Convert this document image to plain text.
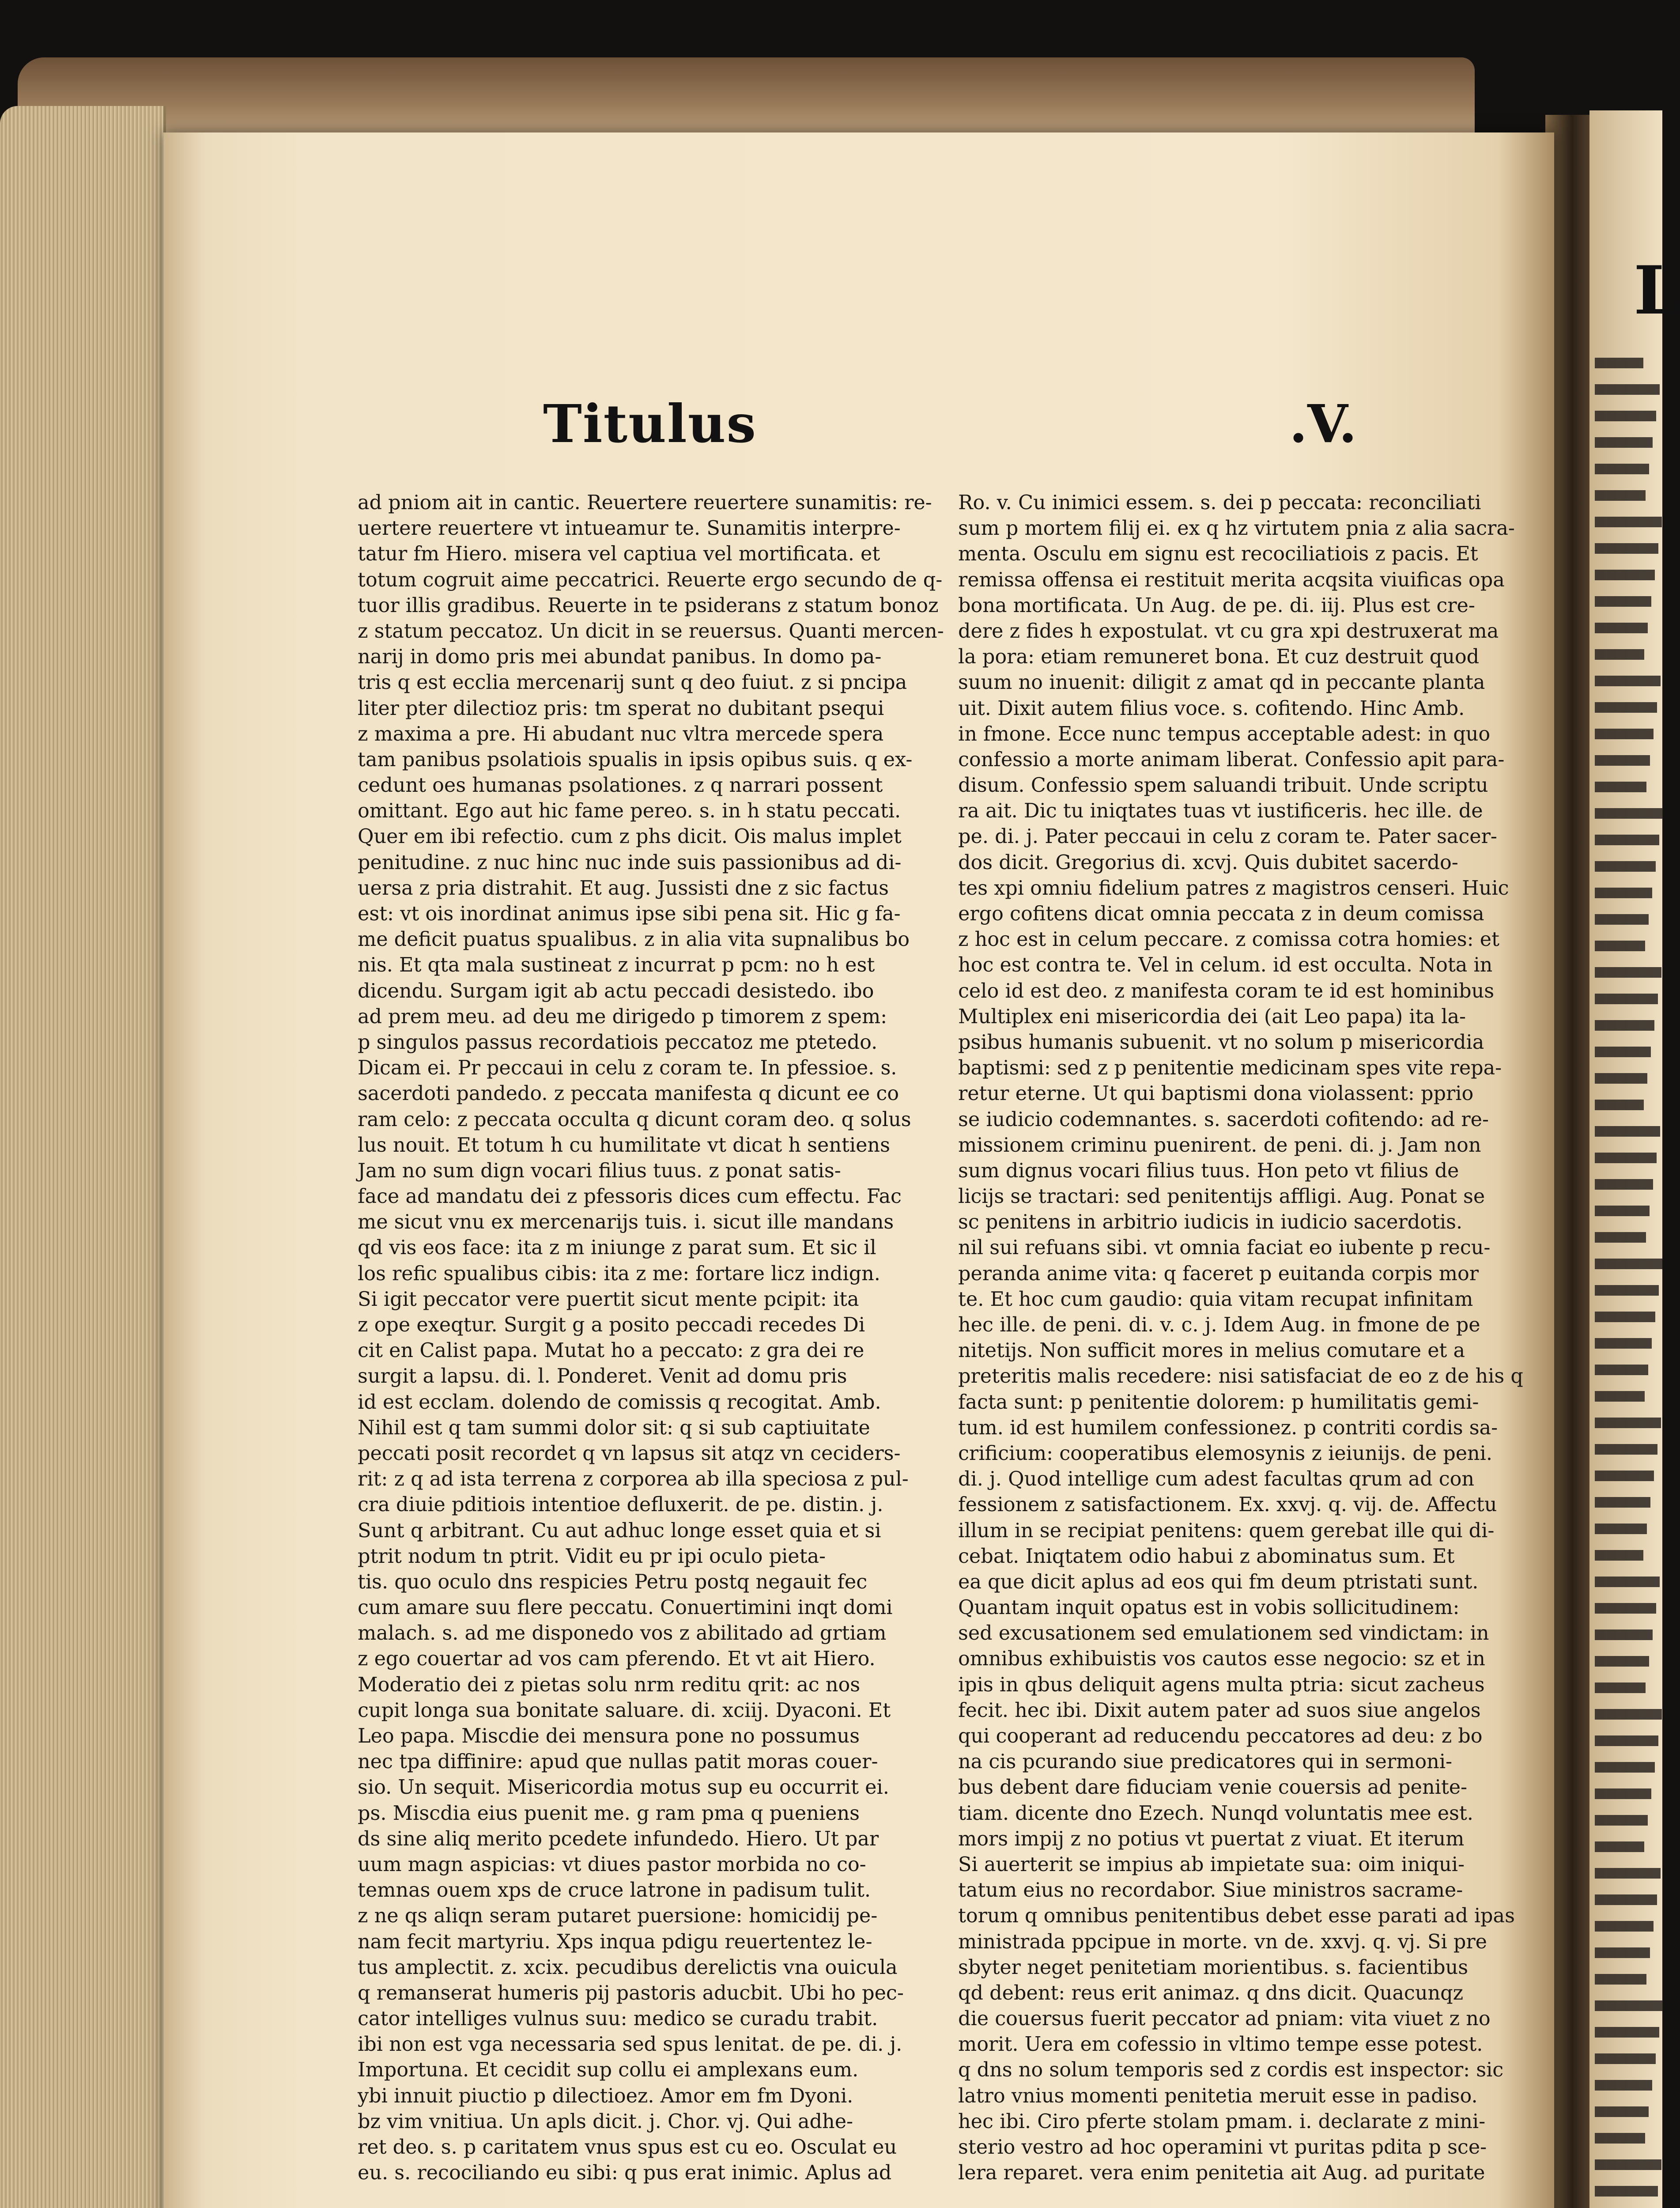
L
Titulus	.V.
ad pniom ait in cantic. Reuertere reuertere sunamitis: re-
uertere reuertere vt intueamur te. Sunamitis interpre-
tatur fm Hiero. misera vel captiua vel mortificata. et
totum cogruit aime peccatrici. Reuerte ergo secundo de q-
tuor illis gradibus. Reuerte in te psiderans z statum bonoz
z statum peccatoz. Un dicit in se reuersus. Quanti mercen-
narij in domo pris mei abundat panibus. In domo pa-
tris q est ecclia mercenarij sunt q deo fuiut. z si pncipa
liter pter dilectioz pris: tm sperat no dubitant psequi
z maxima a pre. Hi abudant nuc vltra mercede spera
tam panibus psolatiois spualis in ipsis opibus suis. q ex-
cedunt oes humanas psolationes. z q narrari possent
omittant. Ego aut hic fame pereo. s. in h statu peccati.
Quer em ibi refectio. cum z phs dicit. Ois malus implet
penitudine. z nuc hinc nuc inde suis passionibus ad di-
uersa z pria distrahit. Et aug. Jussisti dne z sic factus
est: vt ois inordinat animus ipse sibi pena sit. Hic g fa-
me deficit puatus spualibus. z in alia vita supnalibus bo
nis. Et qta mala sustineat z incurrat p pcm: no h est
dicendu. Surgam igit ab actu peccadi desistedo. ibo
ad prem meu. ad deu me dirigedo p timorem z spem:
p singulos passus recordatiois peccatoz me ptetedo.
Dicam ei. Pr peccaui in celu z coram te. In pfessioe. s.
sacerdoti pandedo. z peccata manifesta q dicunt ee co
ram celo: z peccata occulta q dicunt coram deo. q solus
lus nouit. Et totum h cu humilitate vt dicat h sentiens
Jam no sum dign vocari filius tuus. z ponat satis-
face ad mandatu dei z pfessoris dices cum effectu. Fac
me sicut vnu ex mercenarijs tuis. i. sicut ille mandans
qd vis eos face: ita z m iniunge z parat sum. Et sic il
los refic spualibus cibis: ita z me: fortare licz indign.
Si igit peccator vere puertit sicut mente pcipit: ita
z ope exeqtur. Surgit g a posito peccadi recedes Di
cit en Calist papa. Mutat ho a peccato: z gra dei re
surgit a lapsu. di. l. Ponderet. Venit ad domu pris
id est ecclam. dolendo de comissis q recogitat. Amb.
Nihil est q tam summi dolor sit: q si sub captiuitate
peccati posit recordet q vn lapsus sit atqz vn ceciders-
rit: z q ad ista terrena z corporea ab illa speciosa z pul-
cra diuie pditiois intentioe defluxerit. de pe. distin. j.
Sunt q arbitrant. Cu aut adhuc longe esset quia et si
ptrit nodum tn ptrit. Vidit eu pr ipi oculo pieta-
tis. quo oculo dns respicies Petru postq negauit fec
cum amare suu flere peccatu. Conuertimini inqt domi
malach. s. ad me disponedo vos z abilitado ad grtiam
z ego couertar ad vos cam pferendo. Et vt ait Hiero.
Moderatio dei z pietas solu nrm reditu qrit: ac nos
cupit longa sua bonitate saluare. di. xciij. Dyaconi. Et
Leo papa. Miscdie dei mensura pone no possumus
nec tpa diffinire: apud que nullas patit moras couer-
sio. Un sequit. Misericordia motus sup eu occurrit ei.
ps. Miscdia eius puenit me. g ram pma q pueniens
ds sine aliq merito pcedete infundedo. Hiero. Ut par
uum magn aspicias: vt diues pastor morbida no co-
temnas ouem xps de cruce latrone in padisum tulit.
z ne qs aliqn seram putaret puersione: homicidij pe-
nam fecit martyriu. Xps inqua pdigu reuertentez le-
tus amplectit. z. xcix. pecudibus derelictis vna ouicula
q remanserat humeris pij pastoris aducbit. Ubi ho pec-
cator intelliges vulnus suu: medico se curadu trabit.
ibi non est vga necessaria sed spus lenitat. de pe. di. j.
Importuna. Et cecidit sup collu ei amplexans eum.
ybi innuit piuctio p dilectioez. Amor em fm Dyoni.
bz vim vnitiua. Un apls dicit. j. Chor. vj. Qui adhe-
ret deo. s. p caritatem vnus spus est cu eo. Osculat eu
eu. s. recociliando eu sibi: q pus erat inimic. Aplus ad
Ro. v. Cu inimici essem. s. dei p peccata: reconciliati
sum p mortem filij ei. ex q hz virtutem pnia z alia sacra-
menta. Osculu em signu est recociliatiois z pacis. Et
remissa offensa ei restituit merita acqsita viuificas opa
bona mortificata. Un Aug. de pe. di. iij. Plus est cre-
dere z fides h expostulat. vt cu gra xpi destruxerat ma
la pora: etiam remuneret bona. Et cuz destruit quod
suum no inuenit: diligit z amat qd in peccante planta
uit. Dixit autem filius voce. s. cofitendo. Hinc Amb.
in fmone. Ecce nunc tempus acceptable adest: in quo
confessio a morte animam liberat. Confessio apit para-
disum. Confessio spem saluandi tribuit. Unde scriptu
ra ait. Dic tu iniqtates tuas vt iustificeris. hec ille. de
pe. di. j. Pater peccaui in celu z coram te. Pater sacer-
dos dicit. Gregorius di. xcvj. Quis dubitet sacerdo-
tes xpi omniu fidelium patres z magistros censeri. Huic
ergo cofitens dicat omnia peccata z in deum comissa
z hoc est in celum peccare. z comissa cotra homies: et
hoc est contra te. Vel in celum. id est occulta. Nota in
celo id est deo. z manifesta coram te id est hominibus
Multiplex eni misericordia dei (ait Leo papa) ita la-
psibus humanis subuenit. vt no solum p misericordia
baptismi: sed z p penitentie medicinam spes vite repa-
retur eterne. Ut qui baptismi dona violassent: pprio
se iudicio codemnantes. s. sacerdoti cofitendo: ad re-
missionem criminu puenirent. de peni. di. j. Jam non
sum dignus vocari filius tuus. Hon peto vt filius de
licijs se tractari: sed penitentijs affligi. Aug. Ponat se
sc penitens in arbitrio iudicis in iudicio sacerdotis.
nil sui refuans sibi. vt omnia faciat eo iubente p recu-
peranda anime vita: q faceret p euitanda corpis mor
te. Et hoc cum gaudio: quia vitam recupat infinitam
hec ille. de peni. di. v. c. j. Idem Aug. in fmone de pe
nitetijs. Non sufficit mores in melius comutare et a
preteritis malis recedere: nisi satisfaciat de eo z de his q
facta sunt: p penitentie dolorem: p humilitatis gemi-
tum. id est humilem confessionez. p contriti cordis sa-
crificium: cooperatibus elemosynis z ieiunijs. de peni.
di. j. Quod intellige cum adest facultas qrum ad con
fessionem z satisfactionem. Ex. xxvj. q. vij. de. Affectu
illum in se recipiat penitens: quem gerebat ille qui di-
cebat. Iniqtatem odio habui z abominatus sum. Et
ea que dicit aplus ad eos qui fm deum ptristati sunt.
Quantam inquit opatus est in vobis sollicitudinem:
sed excusationem sed emulationem sed vindictam: in
omnibus exhibuistis vos cautos esse negocio: sz et in
ipis in qbus deliquit agens multa ptria: sicut zacheus
fecit. hec ibi. Dixit autem pater ad suos siue angelos
qui cooperant ad reducendu peccatores ad deu: z bo
na cis pcurando siue predicatores qui in sermoni-
bus debent dare fiduciam venie couersis ad penite-
tiam. dicente dno Ezech. Nunqd voluntatis mee est.
mors impij z no potius vt puertat z viuat. Et iterum
Si auerterit se impius ab impietate sua: oim iniqui-
tatum eius no recordabor. Siue ministros sacrame-
torum q omnibus penitentibus debet esse parati ad ipas
ministrada ppcipue in morte. vn de. xxvj. q. vj. Si pre
sbyter neget penitetiam morientibus. s. facientibus
qd debent: reus erit animaz. q dns dicit. Quacunqz
die couersus fuerit peccator ad pniam: vita viuet z no
morit. Uera em cofessio in vltimo tempe esse potest.
q dns no solum temporis sed z cordis est inspector: sic
latro vnius momenti penitetia meruit esse in padiso.
hec ibi. Ciro pferte stolam pmam. i. declarate z mini-
sterio vestro ad hoc operamini vt puritas pdita p sce-
lera reparet. vera enim penitetia ait Aug. ad puritate
